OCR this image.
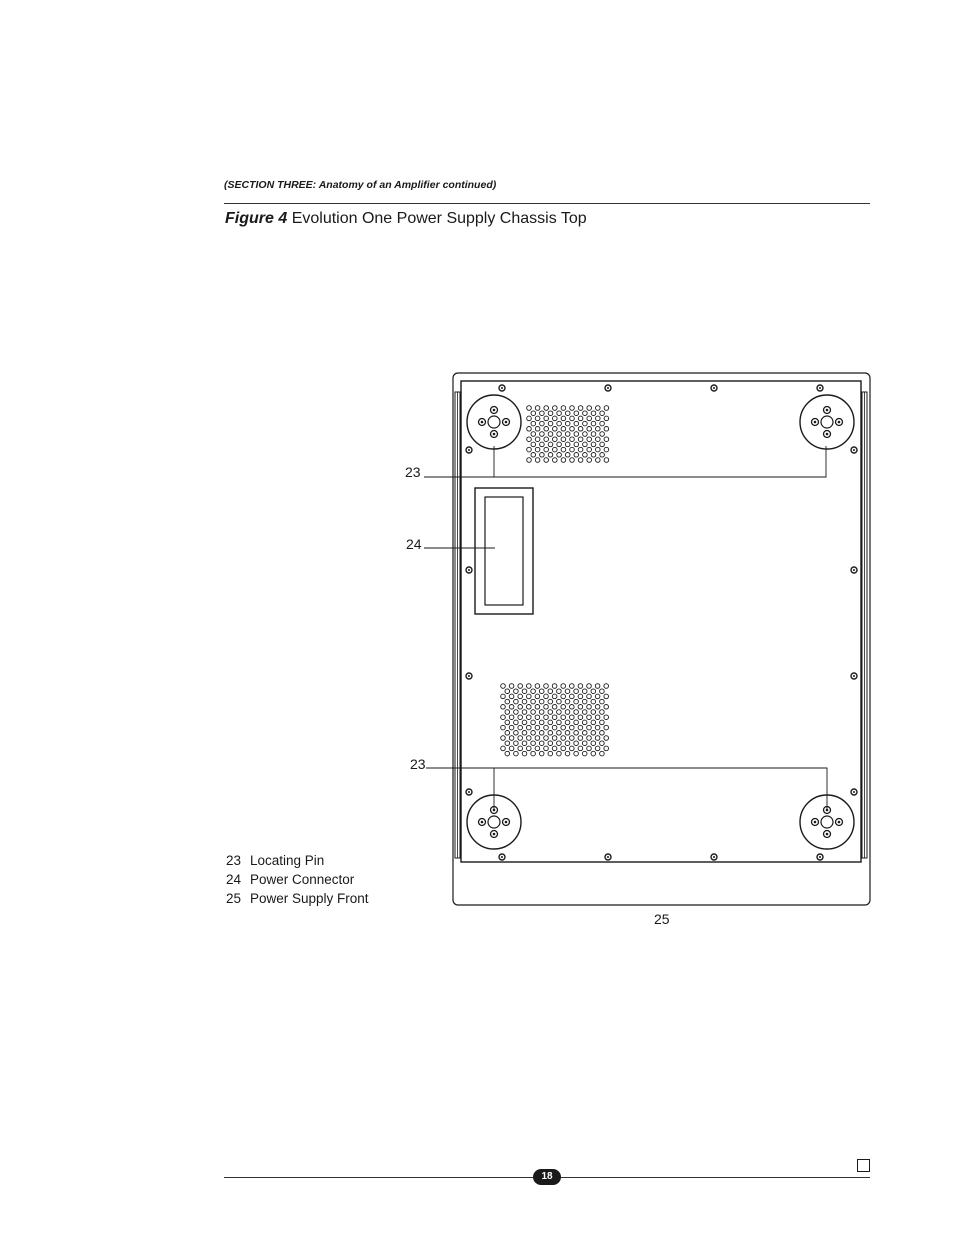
(SECTION THREE: Anatomy of an Amplifier continued)
Figure 4 Evolution One Power Supply Chassis Top
23
24
23
25
23 Locating Pin
24 Power Connector
25 Power Supply Front
18
